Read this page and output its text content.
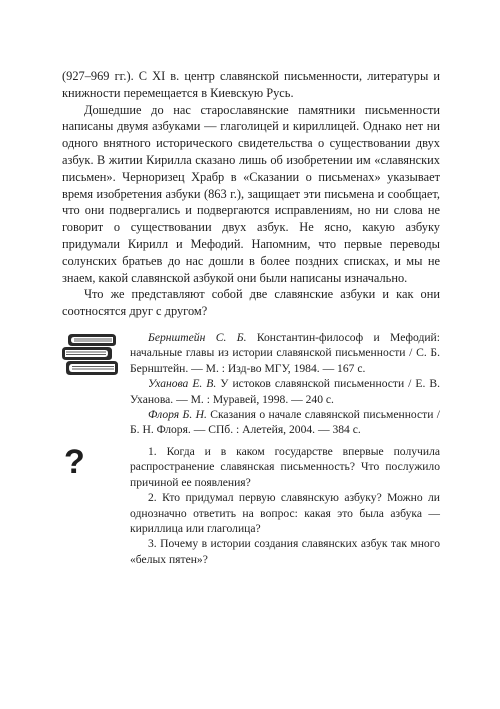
(927–969 гг.). С XI в. центр славянской письменности, литературы и книжности перемещается в Киевскую Русь.

Дошедшие до нас старославянские памятники письменности написаны двумя азбуками — глаголицей и кириллицей. Однако нет ни одного внятного исторического свидетельства о существовании двух азбук. В житии Кирилла сказано лишь об изобретении им «славянских письмен». Черноризец Храбр в «Сказании о письменах» указывает время изобретения азбуки (863 г.), защищает эти письмена и сообщает, что они подвергались и подвергаются исправлениям, но ни слова не говорит о существовании двух азбук. Не ясно, какую азбуку придумали Кирилл и Мефодий. Напомним, что первые переводы солунских братьев до нас дошли в более поздних списках, и мы не знаем, какой славянской азбукой они были написаны изначально.

Что же представляют собой две славянские азбуки и как они соотносятся друг с другом?

Бернштейн С. Б. Константин-философ и Мефодий: начальные главы из истории славянской письменности / С. Б. Бернштейн. — М. : Изд-во МГУ, 1984. — 167 с.

Уханова Е. В. У истоков славянской письменности / Е. В. Уханова. — М. : Муравей, 1998. — 240 с.

Флоря Б. Н. Сказания о начале славянской письменности / Б. Н. Флоря. — СПб. : Алетейя, 2004. — 384 с.

?	1. Когда и в каком государстве впервые получила распространение славянская письменность? Что послужило причиной ее появления?

2. Кто придумал первую славянскую азбуку? Можно ли однозначно ответить на вопрос: какая это была азбука — кириллица или глаголица?

3. Почему в истории создания славянских азбук так много «белых пятен»?
